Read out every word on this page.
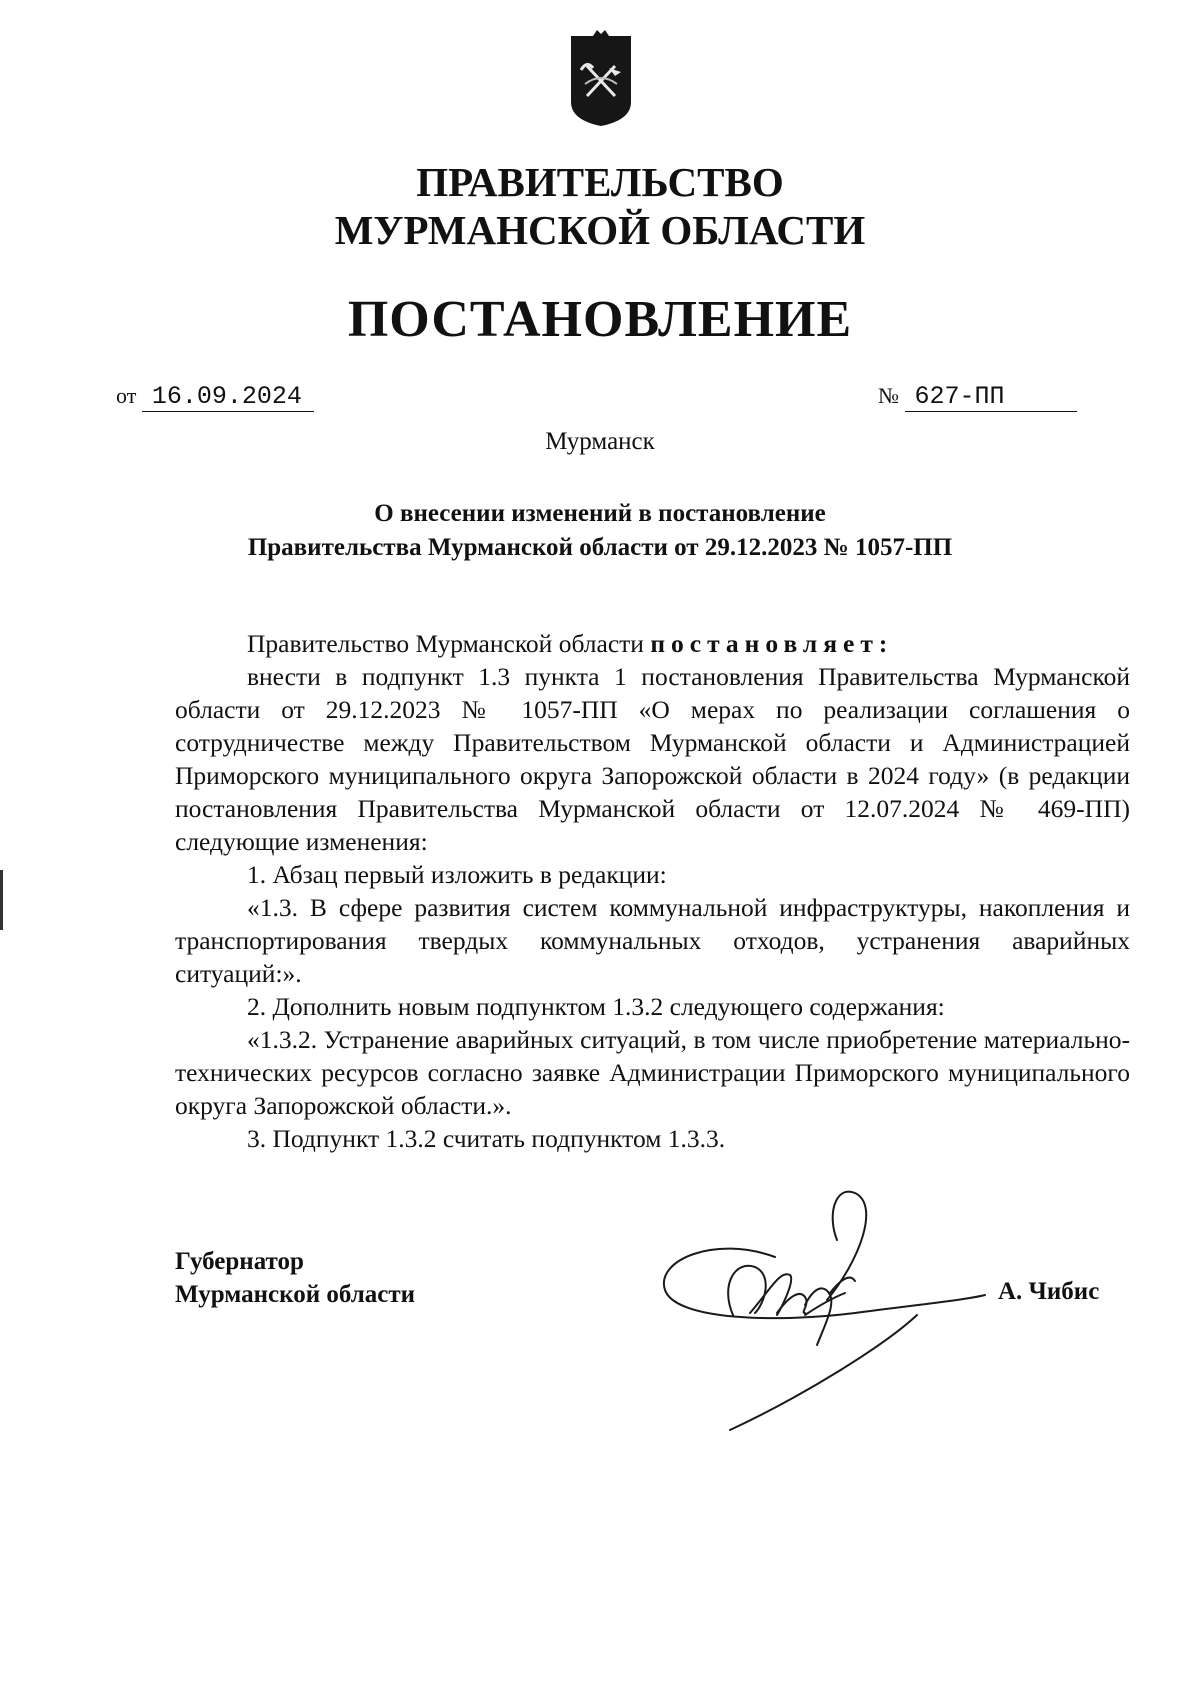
ПРАВИТЕЛЬСТВО
МУРМАНСКОЙ ОБЛАСТИ
ПОСТАНОВЛЕНИЕ
от 16.09.2024	№ 627-ПП
Мурманск
О внесении изменений в постановление
Правительства Мурманской области от 29.12.2023 № 1057-ПП

Правительство Мурманской области постановляет:

внести в подпункт 1.3 пункта 1 постановления Правительства Мурманской области от 29.12.2023 № 1057-ПП «О мерах по реализации соглашения о сотрудничестве между Правительством Мурманской области и Администрацией Приморского муниципального округа Запорожской области в 2024 году» (в редакции постановления Правительства Мурманской области от 12.07.2024 № 469-ПП) следующие изменения:

1. Абзац первый изложить в редакции:

«1.3. В сфере развития систем коммунальной инфраструктуры, накопления и транспортирования твердых коммунальных отходов, устранения аварийных ситуаций:».

2. Дополнить новым подпунктом 1.3.2 следующего содержания:

«1.3.2. Устранение аварийных ситуаций, в том числе приобретение материально-технических ресурсов согласно заявке Администрации Приморского муниципального округа Запорожской области.».

3. Подпункт 1.3.2 считать подпунктом 1.3.3.

Губернатор
Мурманской области	А. Чибис
